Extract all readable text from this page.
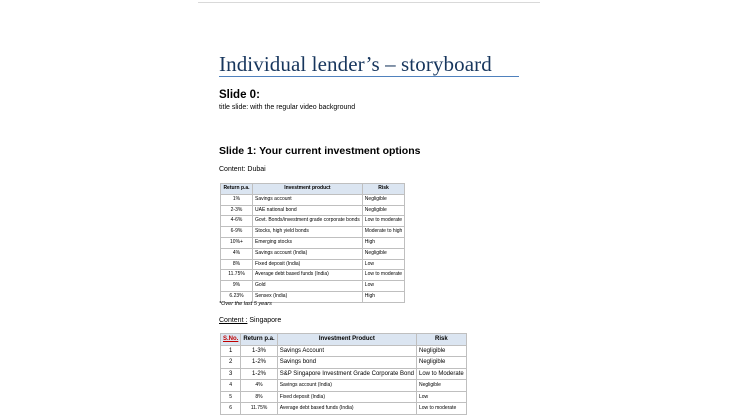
Individual lender’s – storyboard
Slide 0:
title slide: with the regular video background
Slide 1: Your current investment options
Content: Dubai
Return p.a.	Investment product	Risk
1%	Savings account	Negligible
2-3%	UAE national bond	Negligible
4-6%	Govt. Bonds/investment grade corporate bonds	Low to moderate
6-9%	Stocks, high yield bonds	Moderate to high
10%+	Emerging stocks	High
4%	Savings account (India)	Negligible
8%	Fixed deposit (India)	Low
11.75%	Average debt based funds (India)	Low to moderate
9%	Gold	Low
6.23%	Sensex (India)	High
*Over the last 5 years
Content : Singapore
S.No.	Return p.a.	Investment Product	Risk
1	1-3%	Savings Account	Negligible
2	1-2%	Savings bond	Negligible
3	1-2%	S&P Singapore Investment Grade Corporate Bond	Low to Moderate
4	4%	Savings account (India)	Negligible
5	8%	Fixed deposit (India)	Low
6	11.75%	Average debt based funds (India)	Low to moderate
